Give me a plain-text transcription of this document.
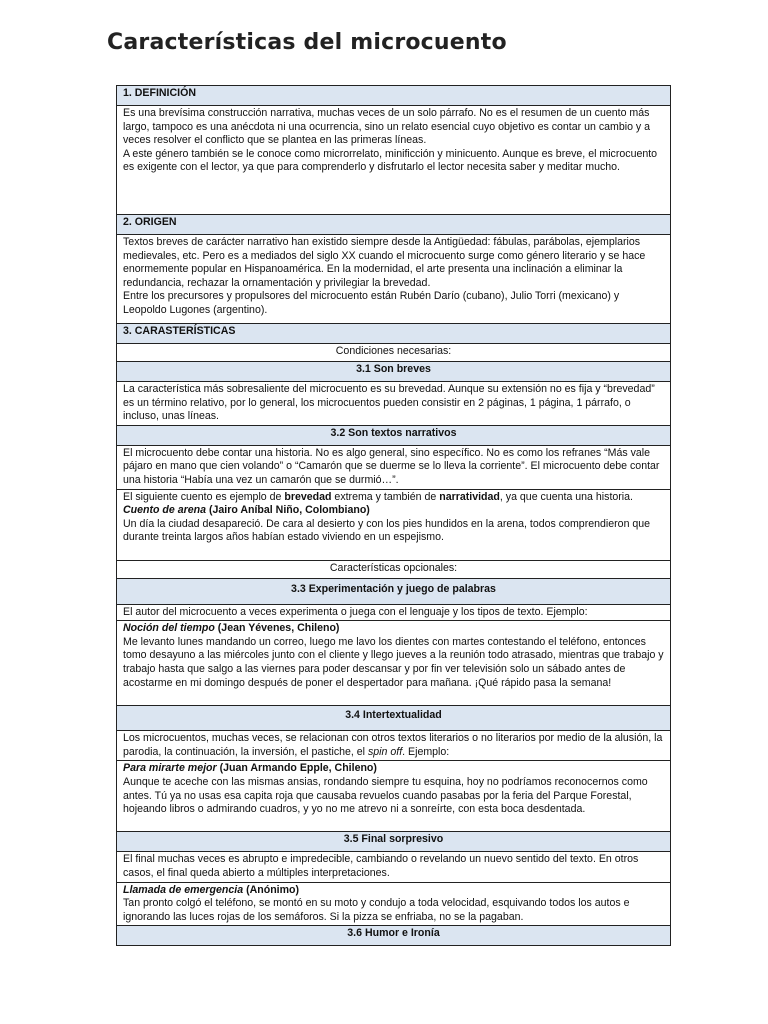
Características del microcuento
1. DEFINICIÓN

Es una brevísima construcción narrativa, muchas veces de un solo párrafo. No es el resumen de un cuento más largo, tampoco es una anécdota ni una ocurrencia, sino un relato esencial cuyo objetivo es contar un cambio y a veces resolver el conflicto que se plantea en las primeras líneas.
A este género también se le conoce como microrrelato, minificción y minicuento. Aunque es breve, el microcuento es exigente con el lector, ya que para comprenderlo y disfrutarlo el lector necesita saber y meditar mucho.

2. ORIGEN

Textos breves de carácter narrativo han existido siempre desde la Antigüedad: fábulas, parábolas, ejemplarios medievales, etc. Pero es a mediados del siglo XX cuando el microcuento surge como género literario y se hace enormemente popular en Hispanoamérica. En la modernidad, el arte presenta una inclinación a eliminar la redundancia, rechazar la ornamentación y privilegiar la brevedad.
Entre los precursores y propulsores del microcuento están Rubén Darío (cubano), Julio Torri (mexicano) y Leopoldo Lugones (argentino).

3. CARASTERÍSTICAS
Condiciones necesarias:
3.1 Son breves
La característica más sobresaliente del microcuento es su brevedad. Aunque su extensión no es fija y “brevedad” es un término relativo, por lo general, los microcuentos pueden consistir en 2 páginas, 1 página, 1 párrafo, o incluso, unas líneas.
3.2 Son textos narrativos
El microcuento debe contar una historia. No es algo general, sino específico. No es como los refranes “Más vale pájaro en mano que cien volando” o “Camarón que se duerme se lo lleva la corriente”. El microcuento debe contar una historia “Había una vez un camarón que se durmió…”.

El siguiente cuento es ejemplo de brevedad extrema y también de narratividad, ya que cuenta una historia.
Cuento de arena (Jairo Aníbal Niño, Colombiano)
Un día la ciudad desapareció. De cara al desierto y con los pies hundidos en la arena, todos comprendieron que durante treinta largos años habían estado viviendo en un espejismo.

Características opcionales:
3.3 Experimentación y juego de palabras
El autor del microcuento a veces experimenta o juega con el lenguaje y los tipos de texto. Ejemplo:

Noción del tiempo (Jean Yévenes, Chileno)
Me levanto lunes mandando un correo, luego me lavo los dientes con martes contestando el teléfono, entonces tomo desayuno a las miércoles junto con el cliente y llego jueves a la reunión todo atrasado, mientras que trabajo y trabajo hasta que salgo a las viernes para poder descansar y por fin ver televisión solo un sábado antes de acostarme en mi domingo después de poner el despertador para mañana. ¡Qué rápido pasa la semana!

3.4 Intertextualidad
Los microcuentos, muchas veces, se relacionan con otros textos literarios o no literarios por medio de la alusión, la parodia, la continuación, la inversión, el pastiche, el spin off. Ejemplo:

Para mirarte mejor (Juan Armando Epple, Chileno)
Aunque te aceche con las mismas ansias, rondando siempre tu esquina, hoy no podríamos reconocernos como antes. Tú ya no usas esa capita roja que causaba revuelos cuando pasabas por la feria del Parque Forestal, hojeando libros o admirando cuadros, y yo no me atrevo ni a sonreírte, con esta boca desdentada.

3.5 Final sorpresivo
El final muchas veces es abrupto e impredecible, cambiando o revelando un nuevo sentido del texto. En otros casos, el final queda abierto a múltiples interpretaciones.

Llamada de emergencia (Anónimo)
Tan pronto colgó el teléfono, se montó en su moto y condujo a toda velocidad, esquivando todos los autos e ignorando las luces rojas de los semáforos. Si la pizza se enfriaba, no se la pagaban.

3.6 Humor e Ironía
